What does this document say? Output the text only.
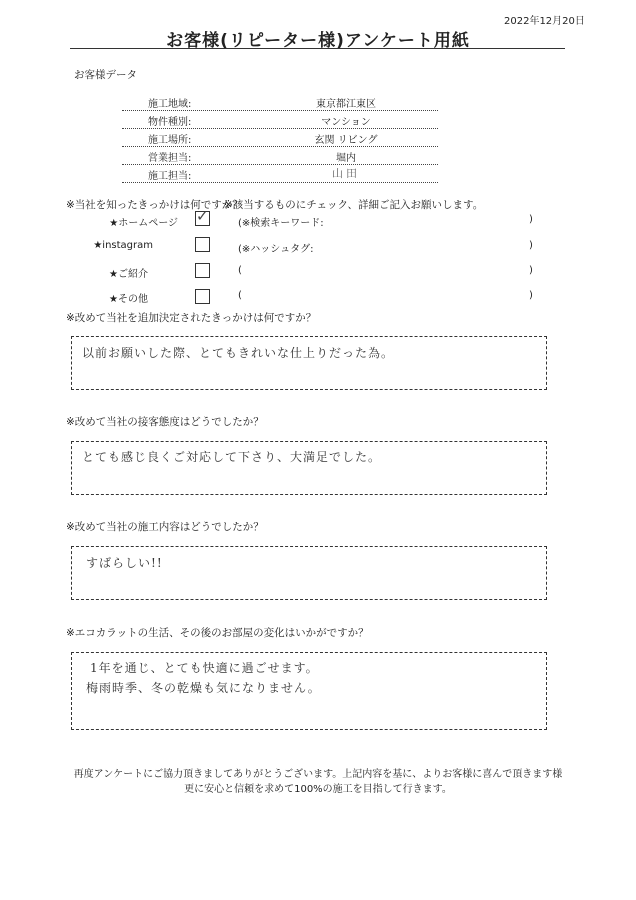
2022年12月20日
お客様(リピーター様)アンケート用紙
お客様データ
施工地域:	東京都江東区
物件種別:	マンション
施工場所:	玄関 リビング
営業担当:	堀内
施工担当:	山田
※当社を知ったきっかけは何ですか？
※該当するものにチェック、詳細ご記入お願いします。
★ホームページ ✓	(※検索キーワード:	)
★instagram	(※ハッシュタグ:	)
★ご紹介	(	)
★その他	(	)
※改めて当社を追加決定されたきっかけは何ですか？
以前お願いした際、とてもきれいな仕上りだった為。
※改めて当社の接客態度はどうでしたか？
とても感じ良くご対応して下さり、大満足でした。
※改めて当社の施工内容はどうでしたか？
すばらしい!!
※エコカラットの生活、その後のお部屋の変化はいかがですか？
1年を通じ、とても快適に過ごせます。
梅雨時季、冬の乾燥も気になりません。
再度アンケートにご協力頂きましてありがとうございます。上記内容を基に、よりお客様に喜んで頂きます様
更に安心と信頼を求めて100%の施工を目指して行きます。
